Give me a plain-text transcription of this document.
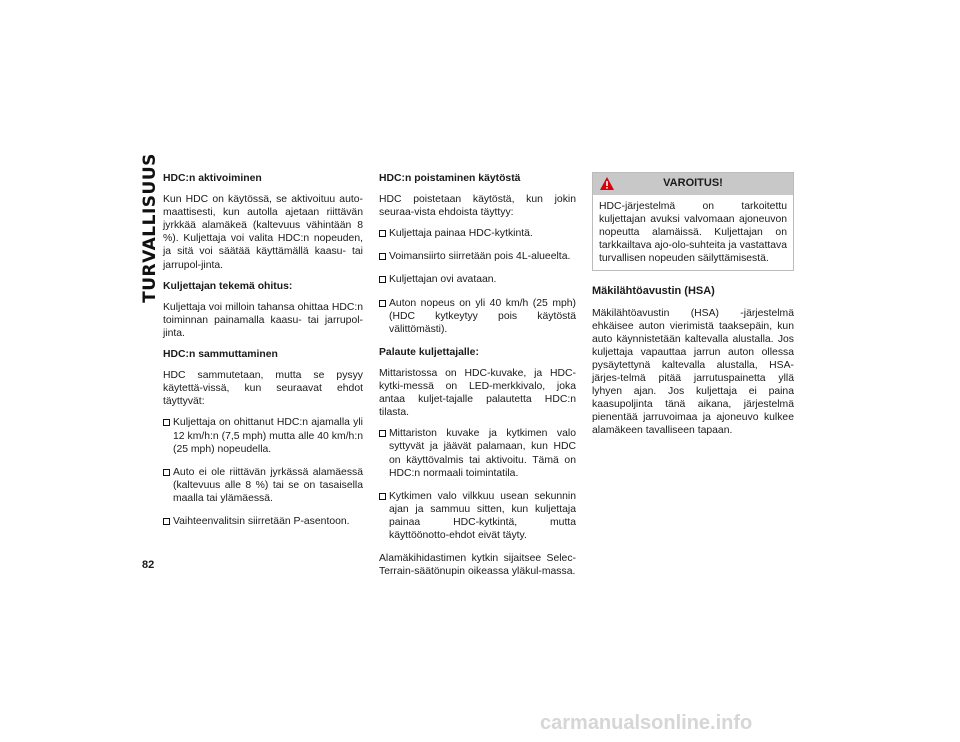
TURVALLISUUS HDC:n aktivoiminen
Kun HDC on käytössä, se aktivoituu auto-maattisesti, kun autolla ajetaan riittävän jyrkkää alamäkeä (kaltevuus vähintään 8 %). Kuljettaja voi valita HDC:n nopeuden, ja sitä voi säätää käyttämällä kaasu- tai jarrupol-jinta.
Kuljettajan tekemä ohitus:
Kuljettaja voi milloin tahansa ohittaa HDC:n toiminnan painamalla kaasu- tai jarrupol-jinta.
HDC:n sammuttaminen
HDC sammutetaan, mutta se pysyy käytettä-vissä, kun seuraavat ehdot täyttyvät:
Kuljettaja on ohittanut HDC:n ajamalla yli 12 km/h:n (7,5 mph) mutta alle 40 km/h:n (25 mph) nopeudella.
Auto ei ole riittävän jyrkässä alamäessä (kaltevuus alle 8 %) tai se on tasaisella maalla tai ylämäessä.
Vaihteenvalitsin siirretään P-asentoon.
HDC:n poistaminen käytöstä
HDC poistetaan käytöstä, kun jokin seuraa-vista ehdoista täyttyy:
Kuljettaja painaa HDC-kytkintä.
Voimansiirto siirretään pois 4L-alueelta.
Kuljettajan ovi avataan.
Auton nopeus on yli 40 km/h (25 mph) (HDC kytkeytyy pois käytöstä välittömästi).
Palaute kuljettajalle:
Mittaristossa on HDC-kuvake, ja HDC-kytki-messä on LED-merkkivalo, joka antaa kuljet-tajalle palautetta HDC:n tilasta.
Mittariston kuvake ja kytkimen valo syttyvät ja jäävät palamaan, kun HDC on käyttövalmis tai aktivoitu. Tämä on HDC:n normaali toimintatila.
Kytkimen valo vilkkuu usean sekunnin ajan ja sammuu sitten, kun kuljettaja painaa HDC-kytkintä, mutta käyttöönotto-ehdot eivät täyty.
Alamäkihidastimen kytkin sijaitsee Selec-Terrain-säätönupin oikeassa yläkul-massa.
VAROITUS!
HDC-järjestelmä on tarkoitettu kuljettajan avuksi valvomaan ajoneuvon nopeutta alamäissä. Kuljettajan on tarkkailtava ajo-olo-suhteita ja vastattava turvallisen nopeuden säilyttämisestä.
Mäkilähtöavustin (HSA)
Mäkilähtöavustin (HSA) -järjestelmä ehkäisee auton vierimistä taaksepäin, kun auto käynnistetään kaltevalla alustalla. Jos kuljettaja vapauttaa jarrun auton ollessa pysäytettynä kaltevalla alustalla, HSA-järjes-telmä pitää jarrutuspainetta yllä lyhyen ajan. Jos kuljettaja ei paina kaasupoljinta tänä aikana, järjestelmä pienentää jarruvoimaa ja ajoneuvo kulkee alamäkeen tavalliseen tapaan.
82
carmanualsonline.info
